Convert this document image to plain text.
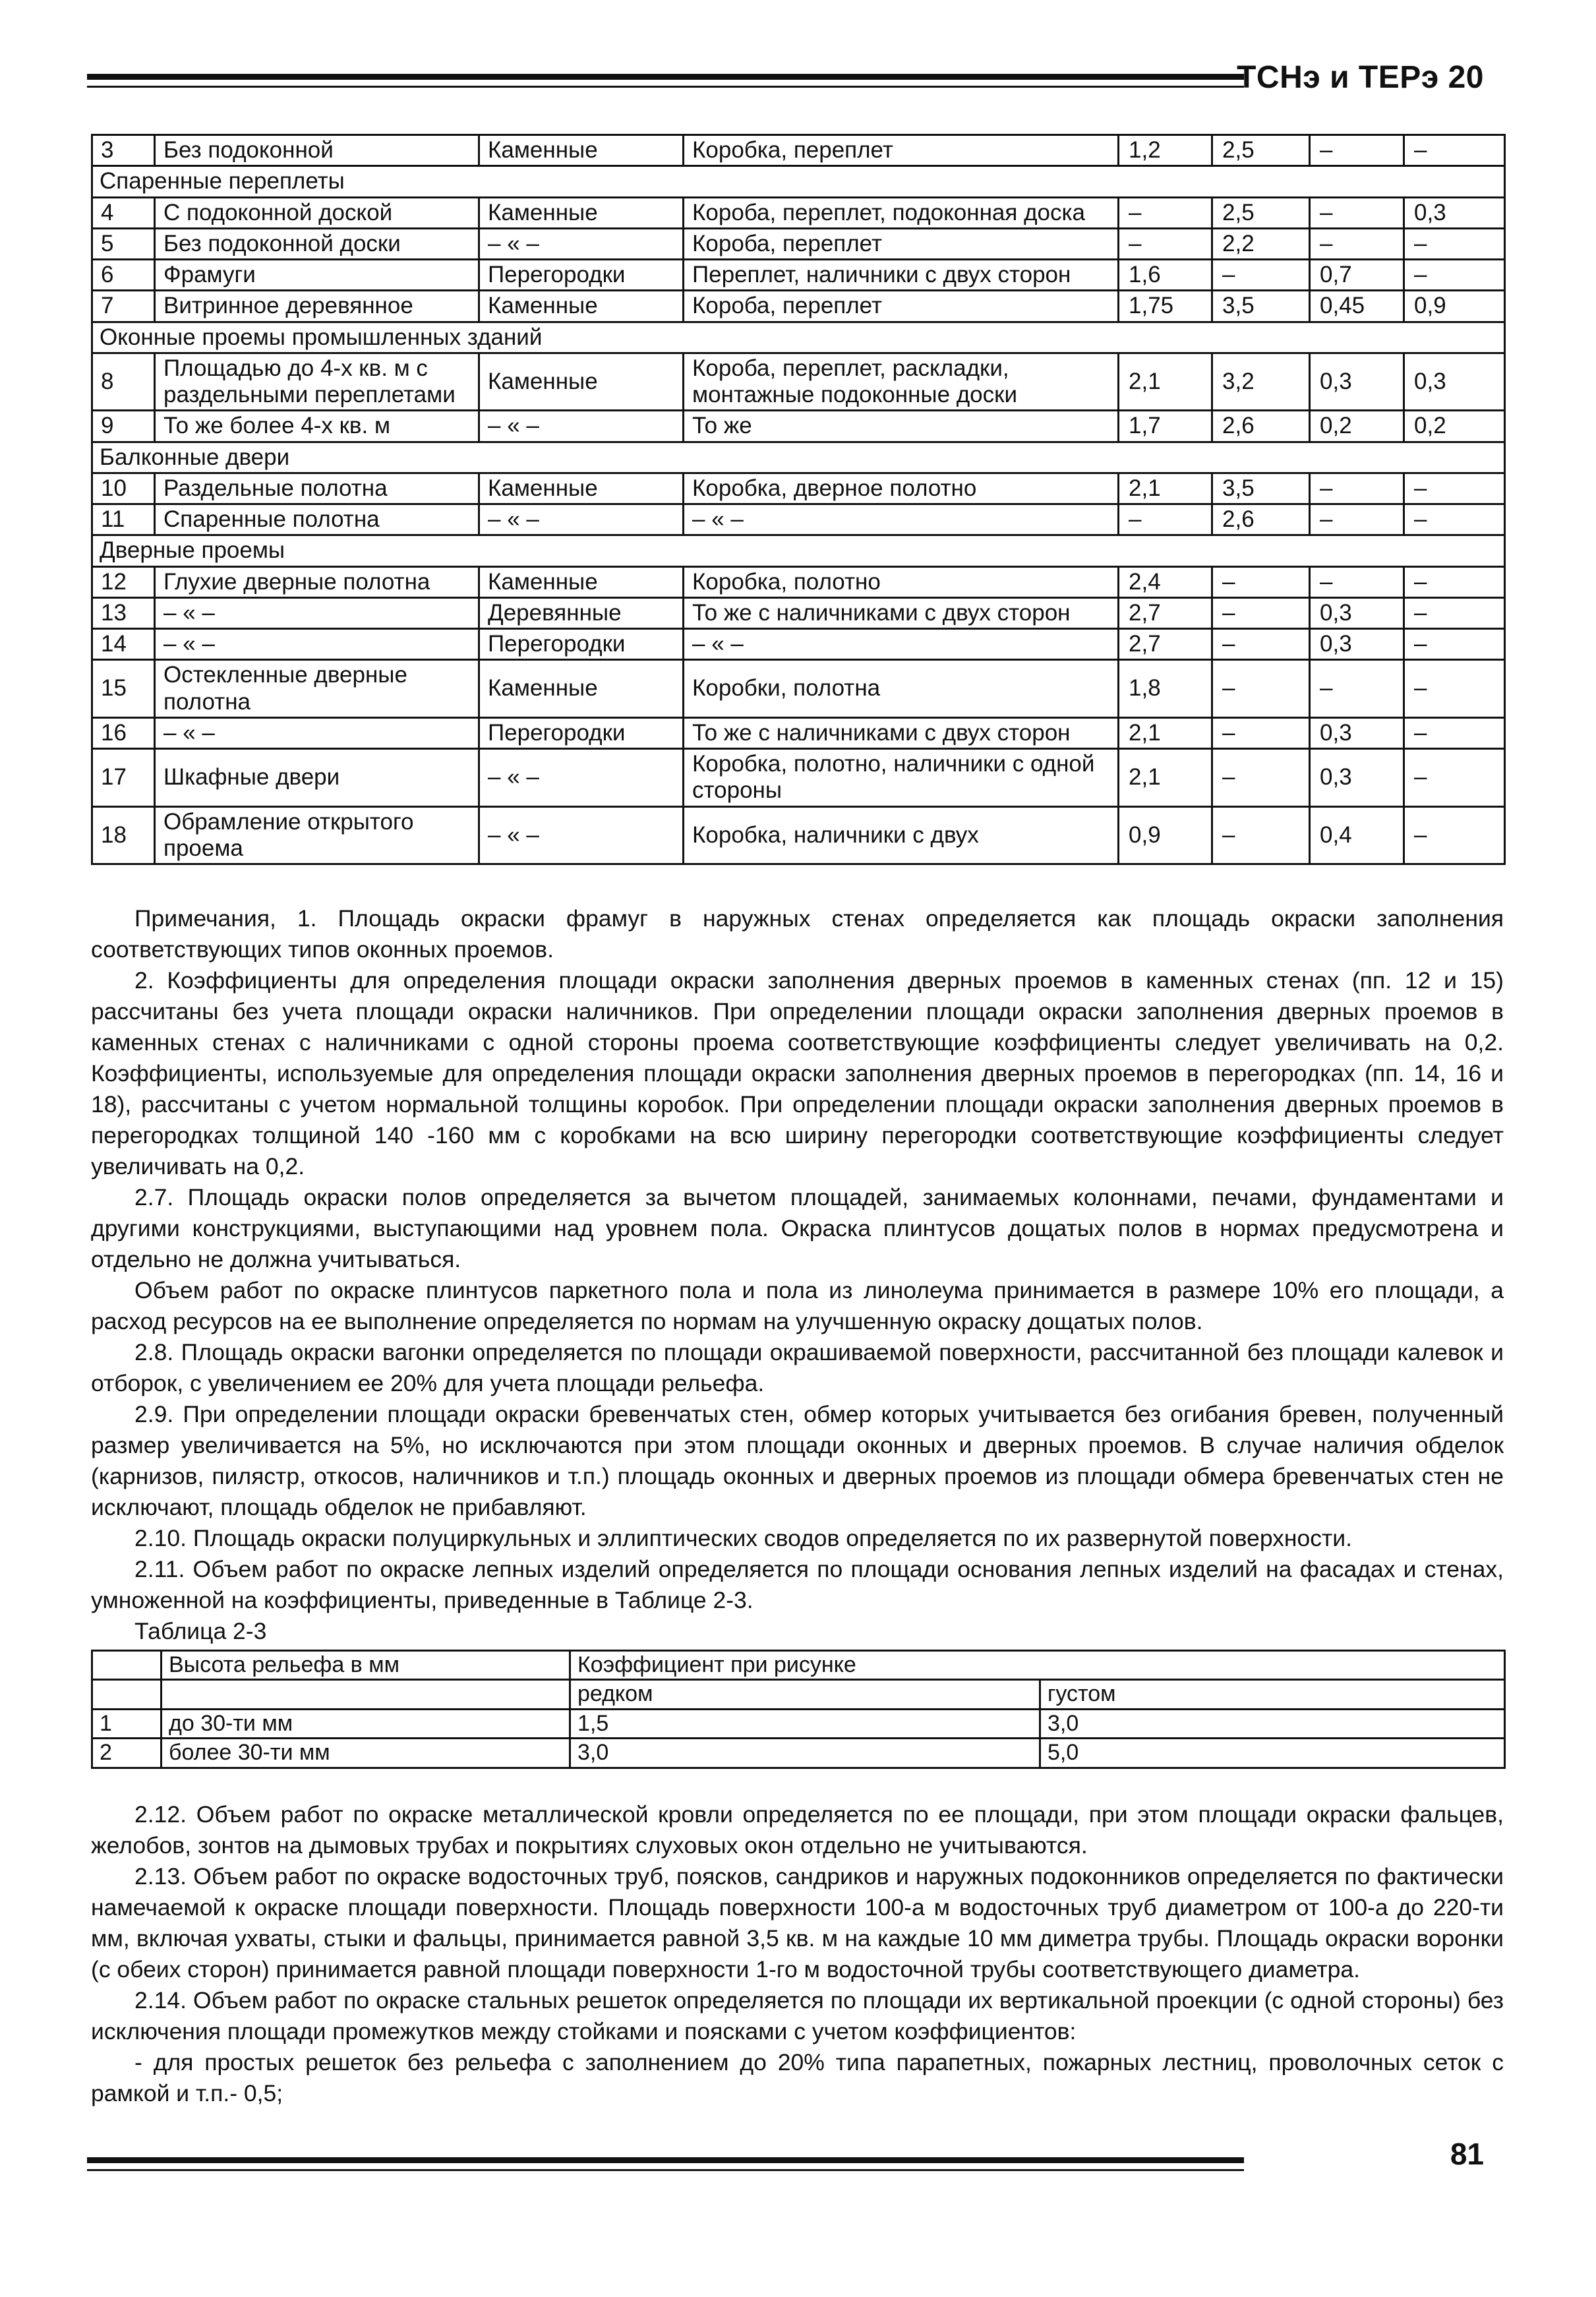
ТСНэ и ТЕРэ 20
3	Без подоконной	Каменные	Коробка, переплет	1,2	2,5	–	–
Спаренные переплеты							
4	С подоконной доской	Каменные	Короба, переплет, подоконная доска	–	2,5	–	0,3
5	Без подоконной доски	– « –	Короба, переплет	–	2,2	–	–
6	Фрамуги	Перегородки	Переплет, наличники с двух сторон	1,6	–	0,7	–
7	Витринное деревянное	Каменные	Короба, переплет	1,75	3,5	0,45	0,9
Оконные проемы промышленных зданий							
8	Площадью до 4-х кв. м с раздельными переплетами	Каменные	Короба, переплет, раскладки, монтажные подоконные доски	2,1	3,2	0,3	0,3
9	То же более 4-х кв. м	– « –	То же	1,7	2,6	0,2	0,2
Балконные двери							
10	Раздельные полотна	Каменные	Коробка, дверное полотно	2,1	3,5	–	–
11	Спаренные полотна	– « –	– « –	–	2,6	–	–
Дверные проемы							
12	Глухие дверные полотна	Каменные	Коробка, полотно	2,4	–	–	–
13	– « –	Деревянные	То же с наличниками с двух сторон	2,7	–	0,3	–
14	– « –	Перегородки	– « –	2,7	–	0,3	–
15	Остекленные дверные полотна	Каменные	Коробки, полотна	1,8	–	–	–
16	– « –	Перегородки	То же с наличниками с двух сторон	2,1	–	0,3	–
17	Шкафные двери	– « –	Коробка, полотно, наличники с одной стороны	2,1	–	0,3	–
18	Обрамление открытого проема	– « –	Коробка, наличники с двух	0,9	–	0,4	–

Примечания, 1. Площадь окраски фрамуг в наружных стенах определяется как площадь окраски заполнения соответствующих типов оконных проемов.

2. Коэффициенты для определения площади окраски заполнения дверных проемов в каменных стенах (пп. 12 и 15) рассчитаны без учета площади окраски наличников. При определении площади окраски заполнения дверных проемов в каменных стенах с наличниками с одной стороны проема соответствующие коэффициенты следует увеличивать на 0,2. Коэффициенты, используемые для определения площади окраски заполнения дверных проемов в перегородках (пп. 14, 16 и 18), рассчитаны с учетом нормальной толщины коробок. При определении площади окраски заполнения дверных проемов в перегородках толщиной 140 -160 мм с коробками на всю ширину перегородки соответствующие коэффициенты следует увеличивать на 0,2.

2.7. Площадь окраски полов определяется за вычетом площадей, занимаемых колоннами, печами, фундаментами и другими конструкциями, выступающими над уровнем пола. Окраска плинтусов дощатых полов в нормах предусмотрена и отдельно не должна учитываться.

Объем работ по окраске плинтусов паркетного пола и пола из линолеума принимается в размере 10% его площади, а расход ресурсов на ее выполнение определяется по нормам на улучшенную окраску дощатых полов.

2.8. Площадь окраски вагонки определяется по площади окрашиваемой поверхности, рассчитанной без площади калевок и отборок, с увеличением ее 20% для учета площади рельефа.

2.9. При определении площади окраски бревенчатых стен, обмер которых учитывается без огибания бревен, полученный размер увеличивается на 5%, но исключаются при этом площади оконных и дверных проемов. В случае наличия обделок (карнизов, пилястр, откосов, наличников и т.п.) площадь оконных и дверных проемов из площади обмера бревенчатых стен не исключают, площадь обделок не прибавляют.

2.10. Площадь окраски полуциркульных и эллиптических сводов определяется по их развернутой поверхности.

2.11. Объем работ по окраске лепных изделий определяется по площади основания лепных изделий на фасадах и стенах, умноженной на коэффициенты, приведенные в Таблице 2-3.

Таблица 2-3
	Высота рельефа в мм	Коэффициент при рисунке	
		редком	густом
1	до 30-ти мм	1,5	3,0
2	более 30-ти мм	3,0	5,0

2.12. Объем работ по окраске металлической кровли определяется по ее площади, при этом площади окраски фальцев, желобов, зонтов на дымовых трубах и покрытиях слуховых окон отдельно не учитываются.

2.13. Объем работ по окраске водосточных труб, поясков, сандриков и наружных подоконников определяется по фактически намечаемой к окраске площади поверхности. Площадь поверхности 100-а м водосточных труб диаметром от 100-а до 220-ти мм, включая ухваты, стыки и фальцы, принимается равной 3,5 кв. м на каждые 10 мм диметра трубы. Площадь окраски воронки (с обеих сторон) принимается равной площади поверхности 1-го м водосточной трубы соответствующего диаметра.

2.14. Объем работ по окраске стальных решеток определяется по площади их вертикальной проекции (с одной стороны) без исключения площади промежутков между стойками и поясками с учетом коэффициентов:

- для простых решеток без рельефа с заполнением до 20% типа парапетных, пожарных лестниц, проволочных сеток с рамкой и т.п.- 0,5;

81
